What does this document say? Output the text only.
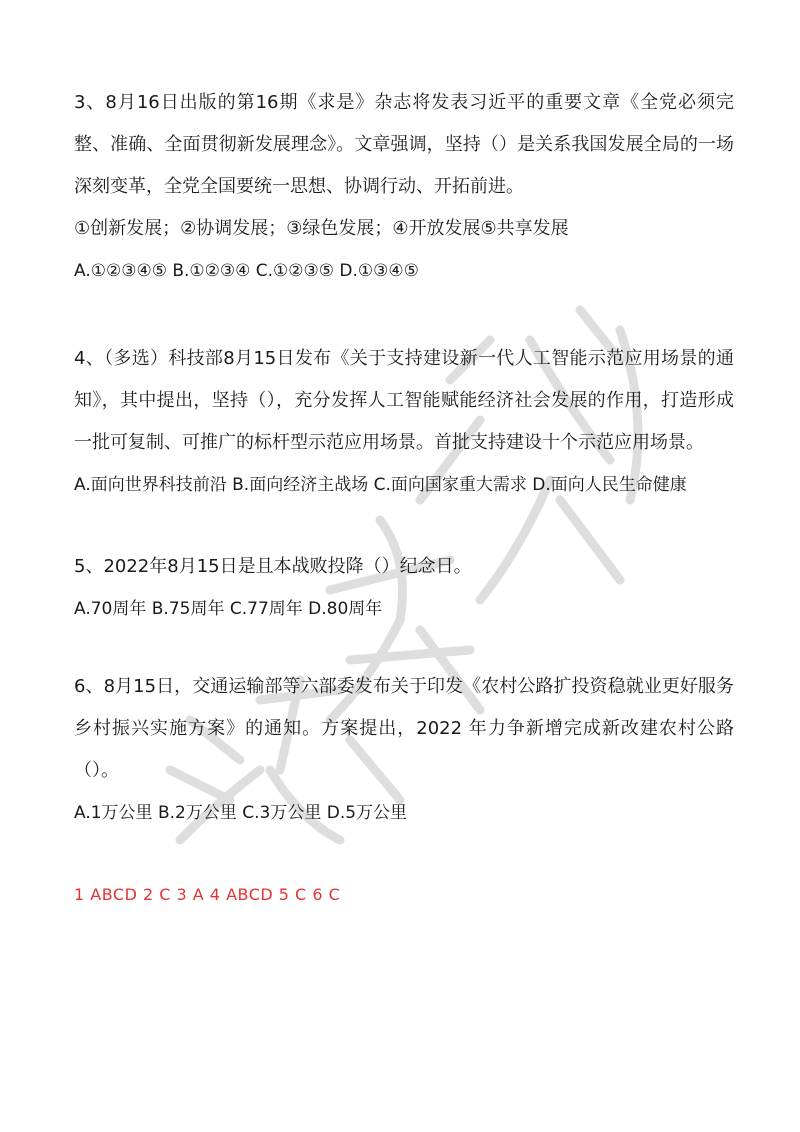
3、8月16日出版的第16期《求是》杂志将发表习近平的重要文章《全党必须完整、准确、全面贯彻新发展理念》。文章强调，坚持（）是关系我国发展全局的一场深刻变革，全党全国要统一思想、协调行动、开拓前进。

①创新发展；②协调发展；③绿色发展；④开放发展⑤共享发展

A.①②③④⑤ B.①②③④ C.①②③⑤ D.①③④⑤

4、（多选）科技部8月15日发布《关于支持建设新一代人工智能示范应用场景的通知》，其中提出，坚持（），充分发挥人工智能赋能经济社会发展的作用，打造形成一批可复制、可推广的标杆型示范应用场景。首批支持建设十个示范应用场景。

A.面向世界科技前沿 B.面向经济主战场 C.面向国家重大需求 D.面向人民生命健康

5、2022年8月15日是且本战败投降（）纪念日。

A.70周年 B.75周年 C.77周年 D.80周年

6、8月15日，交通运输部等六部委发布关于印发《农村公路扩投资稳就业更好服务乡村振兴实施方案》的通知。方案提出，2022 年力争新增完成新改建农村公路（）。

A.1万公里 B.2万公里 C.3万公里 D.5万公里

1 ABCD 2 C 3 A 4 ABCD 5 C 6 C
